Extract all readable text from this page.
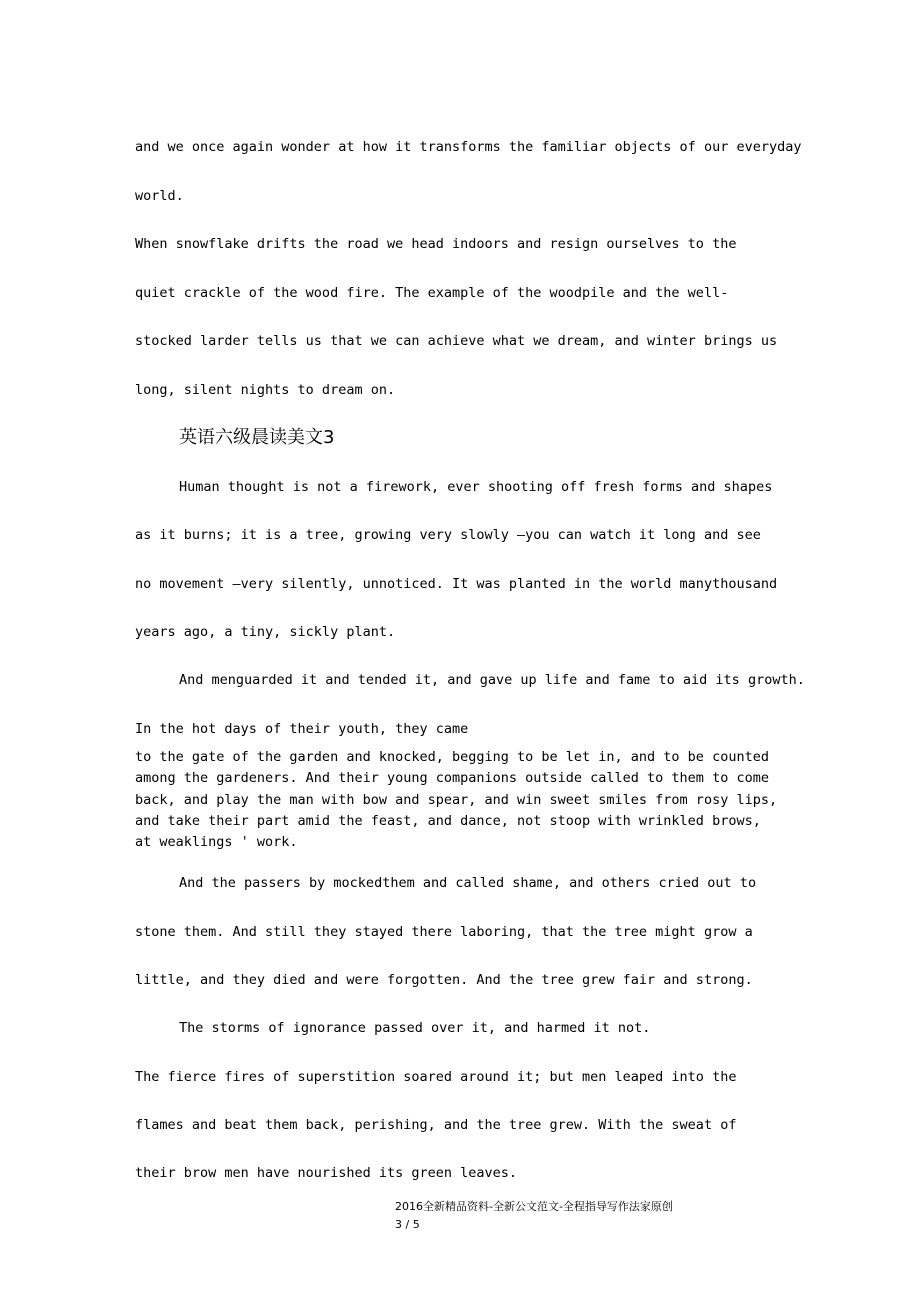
and we once again wonder at how it transforms the familiar objects of our everyday
world.
When snowflake drifts the road we head indoors and resign ourselves to the
quiet crackle of the wood fire. The example of the woodpile and the well-
stocked larder tells us that we can achieve what we dream, and winter brings us
long, silent nights to dream on.
英语六级晨读美文3
Human thought is not a firework, ever shooting off fresh forms and shapes
as it burns; it is a tree, growing very slowly —you can watch it long and see
no movement —very silently, unnoticed. It was planted in the world manythousand
years ago, a tiny, sickly plant.
And menguarded it and tended it, and gave up life and fame to aid its growth.
In the hot days of their youth, they came
to the gate of the garden and knocked, begging to be let in, and to be counted
among the gardeners. And their young companions outside called to them to come
back, and play the man with bow and spear, and win sweet smiles from rosy lips,
and take their part amid the feast, and dance, not stoop with wrinkled brows,
at weaklings ' work.
And the passers by mockedthem and called shame, and others cried out to
stone them. And still they stayed there laboring, that the tree might grow a
little, and they died and were forgotten. And the tree grew fair and strong.
The storms of ignorance passed over it, and harmed it not.
The fierce fires of superstition soared around it; but men leaped into the
flames and beat them back, perishing, and the tree grew. With the sweat of
their brow men have nourished its green leaves.
2016全新精品资料-全新公文范文-全程指导写作法家原创
3 / 5
